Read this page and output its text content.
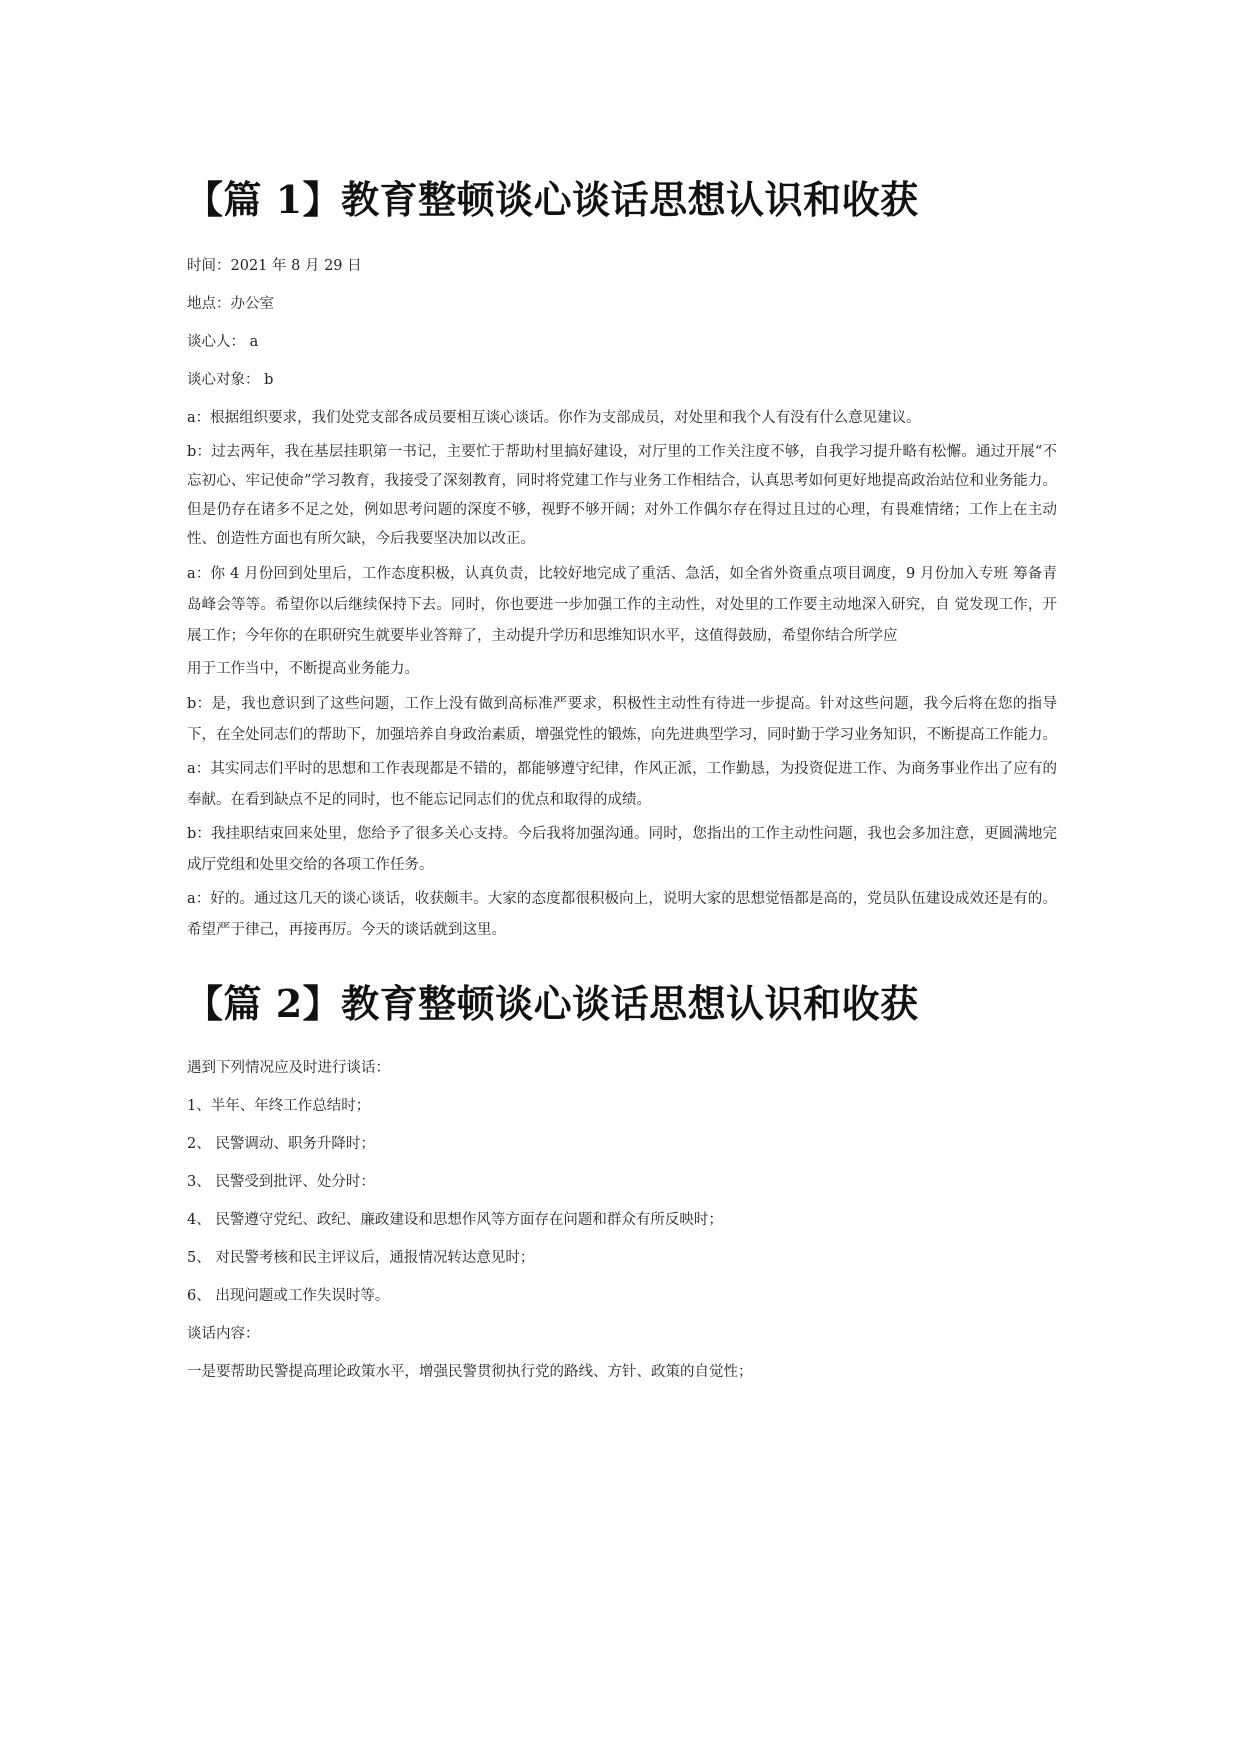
【篇 1】教育整顿谈心谈话思想认识和收获

时间：2021 年 8 月 29 日

地点：办公室

谈心人： a

谈心对象： b

a：根据组织要求，我们处党支部各成员要相互谈心谈话。你作为支部成员，对处里和我个人有没有什么意见建议。

b：过去两年，我在基层挂职第一书记，主要忙于帮助村里搞好建设，对厅里的工作关注度不够，自我学习提升略有松懈。通过开展“不忘初心、牢记使命”学习教育，我接受了深刻教育，同时将党建工作与业务工作相结合，认真思考如何更好地提高政治站位和业务能力。但是仍存在诸多不足之处，例如思考问题的深度不够，视野不够开阔；对外工作偶尔存在得过且过的心理，有畏难情绪；工作上在主动性、创造性方面也有所欠缺，今后我要坚决加以改正。

a：你 4 月份回到处里后，工作态度积极，认真负责，比较好地完成了重活、急活，如全省外资重点项目调度，9 月份加入专班 筹备青岛峰会等等。希望你以后继续保持下去。同时，你也要进一步加强工作的主动性，对处里的工作要主动地深入研究，自 觉发现工作，开展工作；今年你的在职研究生就要毕业答辩了，主动提升学历和思维知识水平，这值得鼓励，希望你结合所学应

用于工作当中，不断提高业务能力。

b：是，我也意识到了这些问题，工作上没有做到高标准严要求，积极性主动性有待进一步提高。针对这些问题，我今后将在您的指导下，在全处同志们的帮助下，加强培养自身政治素质，增强党性的锻炼，向先进典型学习，同时勤于学习业务知识，不断提高工作能力。

a：其实同志们平时的思想和工作表现都是不错的，都能够遵守纪律，作风正派，工作勤恳，为投资促进工作、为商务事业作出了应有的奉献。在看到缺点不足的同时，也不能忘记同志们的优点和取得的成绩。

b：我挂职结束回来处里，您给予了很多关心支持。今后我将加强沟通。同时，您指出的工作主动性问题，我也会多加注意，更圆满地完成厅党组和处里交给的各项工作任务。

a：好的。通过这几天的谈心谈话，收获颇丰。大家的态度都很积极向上，说明大家的思想觉悟都是高的，党员队伍建设成效还是有的。希望严于律己，再接再厉。今天的谈话就到这里。

【篇 2】教育整顿谈心谈话思想认识和收获

遇到下列情况应及时进行谈话：

1、半年、年终工作总结时；

2、 民警调动、职务升降时；

3、 民警受到批评、处分时：

4、 民警遵守党纪、政纪、廉政建设和思想作风等方面存在问题和群众有所反映时；

5、 对民警考核和民主评议后，通报情况转达意见时；

6、 出现问题或工作失误时等。

谈话内容：

一是要帮助民警提高理论政策水平，增强民警贯彻执行党的路线、方针、政策的自觉性；
